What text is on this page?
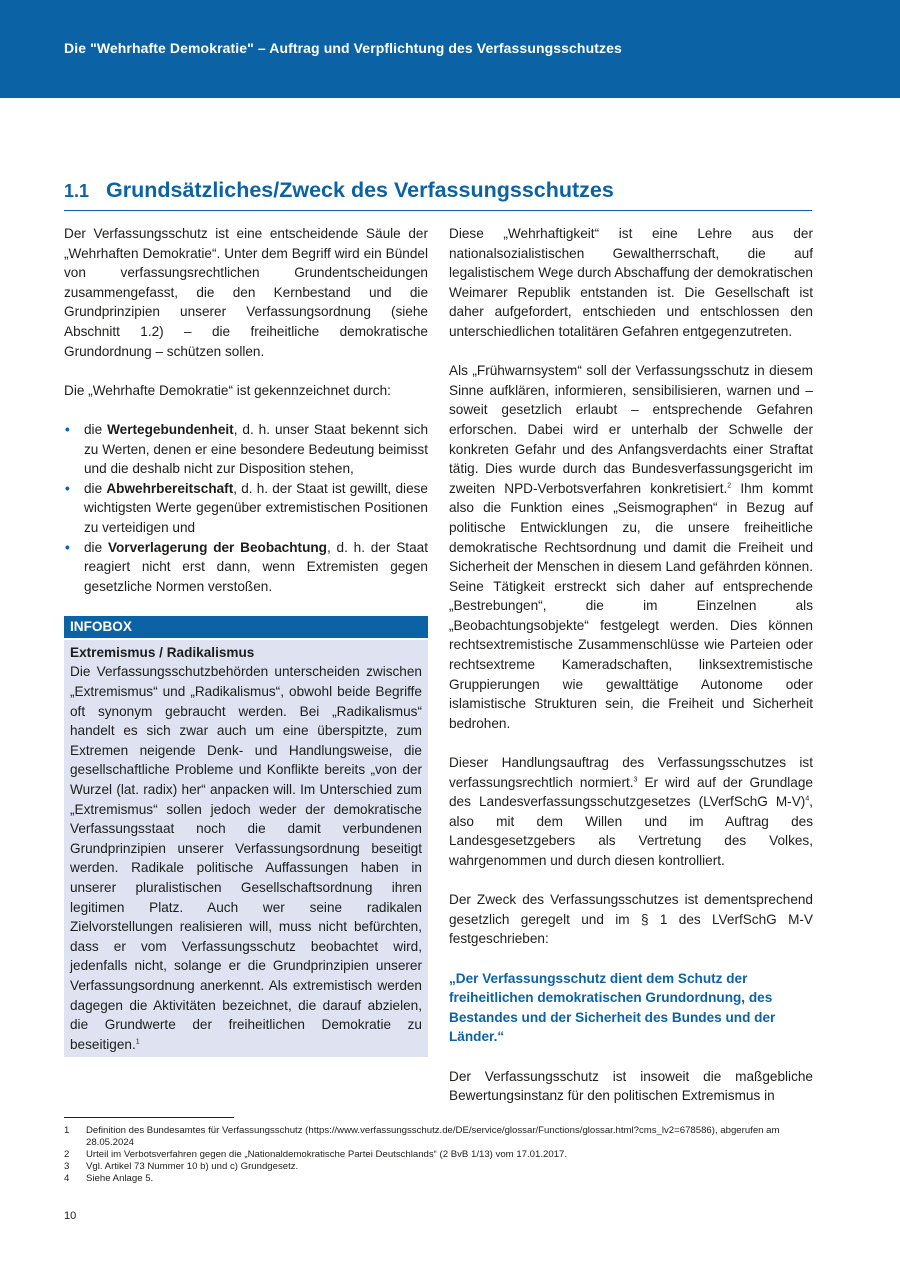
Die "Wehrhafte Demokratie" – Auftrag und Verpflichtung des Verfassungsschutzes
1.1 Grundsätzliches/Zweck des Verfassungsschutzes

Der Verfassungsschutz ist eine entscheidende Säule der „Wehrhaften Demokratie“. Unter dem Begriff wird ein Bündel von verfassungsrechtlichen Grundentscheidungen zusammengefasst, die den Kernbestand und die Grundprinzipien unserer Verfassungsordnung (siehe Abschnitt 1.2) – die freiheitliche demokratische Grundordnung – schützen sollen.

Die „Wehrhafte Demokratie“ ist gekennzeichnet durch:

• die Wertegebundenheit, d. h. unser Staat bekennt sich zu Werten, denen er eine besondere Bedeutung beimisst und die deshalb nicht zur Disposition stehen,
• die Abwehrbereitschaft, d. h. der Staat ist gewillt, diese wichtigsten Werte gegenüber extremistischen Positionen zu verteidigen und
• die Vorverlagerung der Beobachtung, d. h. der Staat reagiert nicht erst dann, wenn Extremisten gegen gesetzliche Normen verstoßen.
INFOBOX
Extremismus / Radikalismus

Die Verfassungsschutzbehörden unterscheiden zwischen „Extremismus“ und „Radikalismus“, obwohl beide Begriffe oft synonym gebraucht werden. Bei „Radikalismus“ handelt es sich zwar auch um eine überspitzte, zum Extremen neigende Denk- und Handlungsweise, die gesellschaftliche Probleme und Konflikte bereits „von der Wurzel (lat. radix) her“ anpacken will. Im Unterschied zum „Extremismus“ sollen jedoch weder der demokratische Verfassungsstaat noch die damit verbundenen Grundprinzipien unserer Verfassungsordnung beseitigt werden. Radikale politische Auffassungen haben in unserer pluralistischen Gesellschaftsordnung ihren legitimen Platz. Auch wer seine radikalen Zielvorstellungen realisieren will, muss nicht befürchten, dass er vom Verfassungsschutz beobachtet wird, jedenfalls nicht, solange er die Grundprinzipien unserer Verfassungsordnung anerkennt. Als extremistisch werden dagegen die Aktivitäten bezeichnet, die darauf abzielen, die Grundwerte der freiheitlichen Demokratie zu beseitigen.$^1$

Diese „Wehrhaftigkeit“ ist eine Lehre aus der nationalsozialistischen Gewaltherrschaft, die auf legalistischem Wege durch Abschaffung der demokratischen Weimarer Republik entstanden ist. Die Gesellschaft ist daher aufgefordert, entschieden und entschlossen den unterschiedlichen totalitären Gefahren entgegenzutreten.

Als „Frühwarnsystem“ soll der Verfassungsschutz in diesem Sinne aufklären, informieren, sensibilisieren, warnen und – soweit gesetzlich erlaubt – entsprechende Gefahren erforschen. Dabei wird er unterhalb der Schwelle der konkreten Gefahr und des Anfangsverdachts einer Straftat tätig. Dies wurde durch das Bundesverfassungsgericht im zweiten NPD-Verbotsverfahren konkretisiert.$^2$ Ihm kommt also die Funktion eines „Seismographen“ in Bezug auf politische Entwicklungen zu, die unsere freiheitliche demokratische Rechtsordnung und damit die Freiheit und Sicherheit der Menschen in diesem Land gefährden können. Seine Tätigkeit erstreckt sich daher auf entsprechende „Bestrebungen“, die im Einzelnen als „Beobachtungsobjekte“ festgelegt werden. Dies können rechtsextremistische Zusammenschlüsse wie Parteien oder rechtsextreme Kameradschaften, linksextremistische Gruppierungen wie gewalttätige Autonome oder islamistische Strukturen sein, die Freiheit und Sicherheit bedrohen.

Dieser Handlungsauftrag des Verfassungsschutzes ist verfassungsrechtlich normiert.$^3$ Er wird auf der Grundlage des Landesverfassungsschutzgesetzes (LVerfSchG M-V)$^4$, also mit dem Willen und im Auftrag des Landesgesetzgebers als Vertretung des Volkes, wahrgenommen und durch diesen kontrolliert.

Der Zweck des Verfassungsschutzes ist dementsprechend gesetzlich geregelt und im § 1 des LVerfSchG M-V festgeschrieben:

„Der Verfassungsschutz dient dem Schutz der freiheitlichen demokratischen Grundordnung, des Bestandes und der Sicherheit des Bundes und der Länder.“

Der Verfassungsschutz ist insoweit die maßgebliche Bewertungsinstanz für den politischen Extremismus in

1	Definition des Bundesamtes für Verfassungsschutz (https://www.verfassungsschutz.de/DE/service/glossar/Functions/glossar.html?cms_lv2=678586), abgerufen am 28.05.2024
2	Urteil im Verbotsverfahren gegen die „Nationaldemokratische Partei Deutschlands“ (2 BvB 1/13) vom 17.01.2017.
3	Vgl. Artikel 73 Nummer 10 b) und c) Grundgesetz.
4	Siehe Anlage 5.
10
